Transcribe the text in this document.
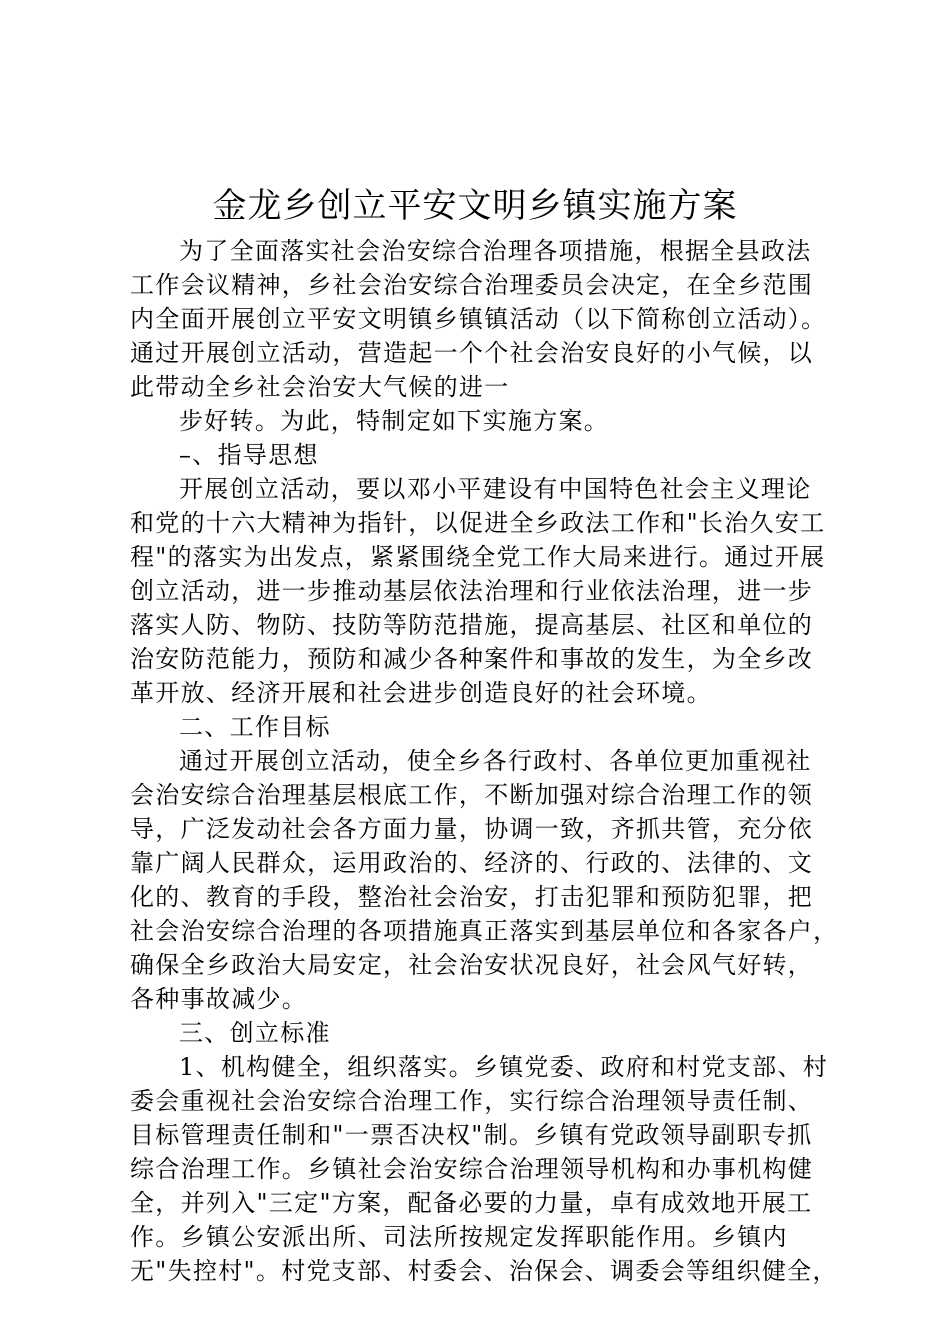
金龙乡创立平安文明乡镇实施方案
为了全面落实社会治安综合治理各项措施，根据全县政法
工作会议精神，乡社会治安综合治理委员会决定，在全乡范围
内全面开展创立平安文明镇乡镇镇活动（以下简称创立活动）。
通过开展创立活动，营造起一个个社会治安良好的小气候，以
此带动全乡社会治安大气候的进一
步好转。为此，特制定如下实施方案。
–、指导思想
开展创立活动，要以邓小平建设有中国特色社会主义理论
和党的十六大精神为指针，以促进全乡政法工作和"长治久安工
程"的落实为出发点，紧紧围绕全党工作大局来进行。通过开展
创立活动，进一步推动基层依法治理和行业依法治理，进一步
落实人防、物防、技防等防范措施，提高基层、社区和单位的
治安防范能力，预防和减少各种案件和事故的发生，为全乡改
革开放、经济开展和社会进步创造良好的社会环境。
二、工作目标
通过开展创立活动，使全乡各行政村、各单位更加重视社
会治安综合治理基层根底工作，不断加强对综合治理工作的领
导，广泛发动社会各方面力量，协调一致，齐抓共管，充分依
靠广阔人民群众，运用政治的、经济的、行政的、法律的、文
化的、教育的手段，整治社会治安，打击犯罪和预防犯罪，把
社会治安综合治理的各项措施真正落实到基层单位和各家各户，
确保全乡政治大局安定，社会治安状况良好，社会风气好转，
各种事故减少。
三、创立标准
1、机构健全，组织落实。乡镇党委、政府和村党支部、村
委会重视社会治安综合治理工作，实行综合治理领导责任制、
目标管理责任制和"一票否决权"制。乡镇有党政领导副职专抓
综合治理工作。乡镇社会治安综合治理领导机构和办事机构健
全，并列入"三定"方案，配备必要的力量，卓有成效地开展工
作。乡镇公安派出所、司法所按规定发挥职能作用。乡镇内
无"失控村"。村党支部、村委会、治保会、调委会等组织健全，
